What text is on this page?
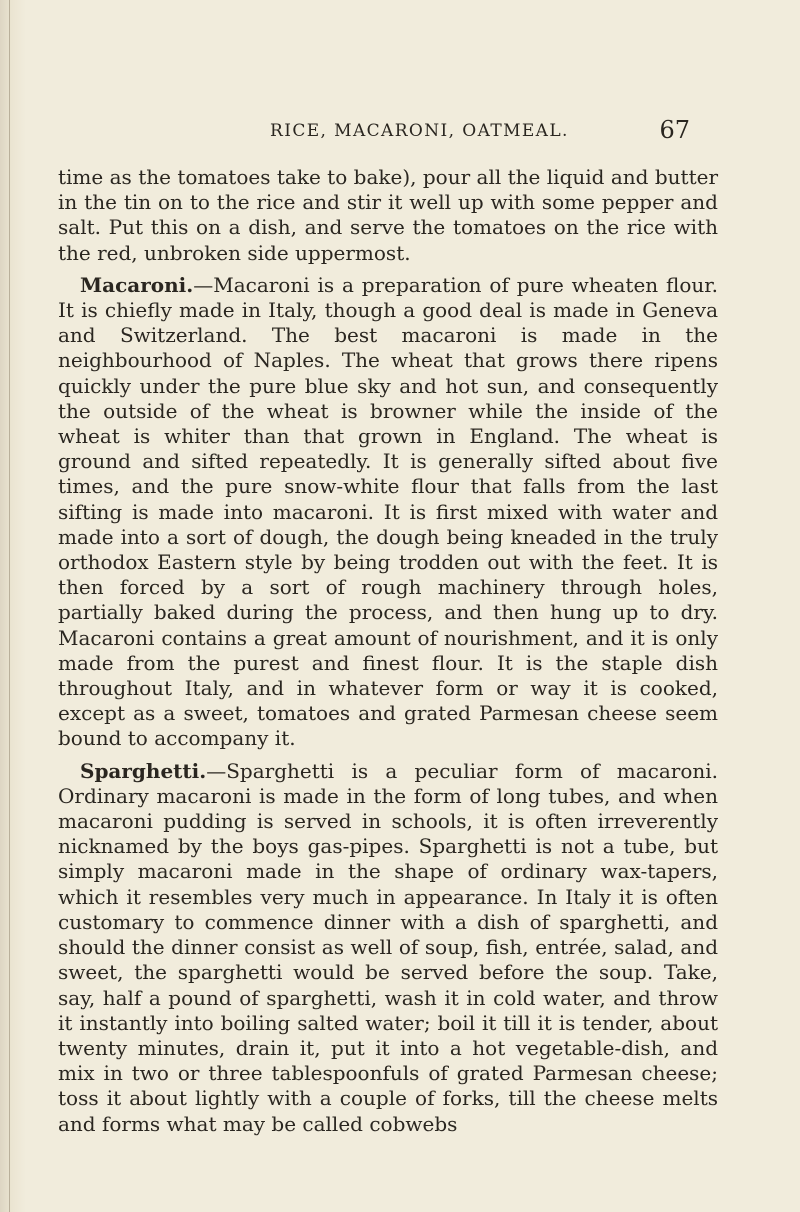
RICE, MACARONI, OATMEAL.	67

time as the tomatoes take to bake), pour all the liquid and butter in the tin on to the rice and stir it well up with some pepper and salt. Put this on a dish, and serve the tomatoes on the rice with the red, unbroken side uppermost.

Macaroni.—Macaroni is a preparation of pure wheaten flour. It is chiefly made in Italy, though a good deal is made in Geneva and Switzerland. The best macaroni is made in the neighbourhood of Naples. The wheat that grows there ripens quickly under the pure blue sky and hot sun, and consequently the outside of the wheat is browner while the inside of the wheat is whiter than that grown in England. The wheat is ground and sifted repeatedly. It is generally sifted about five times, and the pure snow-white flour that falls from the last sifting is made into macaroni. It is first mixed with water and made into a sort of dough, the dough being kneaded in the truly orthodox Eastern style by being trodden out with the feet. It is then forced by a sort of rough machinery through holes, partially baked during the process, and then hung up to dry. Macaroni contains a great amount of nourishment, and it is only made from the purest and finest flour. It is the staple dish throughout Italy, and in whatever form or way it is cooked, except as a sweet, tomatoes and grated Parmesan cheese seem bound to accompany it.

Sparghetti.—Sparghetti is a peculiar form of macaroni. Ordinary macaroni is made in the form of long tubes, and when macaroni pudding is served in schools, it is often irreverently nicknamed by the boys gas-pipes. Sparghetti is not a tube, but simply macaroni made in the shape of ordinary wax-tapers, which it resembles very much in appearance. In Italy it is often customary to commence dinner with a dish of sparghetti, and should the dinner consist as well of soup, fish, entrée, salad, and sweet, the sparghetti would be served before the soup. Take, say, half a pound of sparghetti, wash it in cold water, and throw it instantly into boiling salted water; boil it till it is tender, about twenty minutes, drain it, put it into a hot vegetable-dish, and mix in two or three tablespoonfuls of grated Parmesan cheese; toss it about lightly with a couple of forks, till the cheese melts and forms what may be called cobwebs
